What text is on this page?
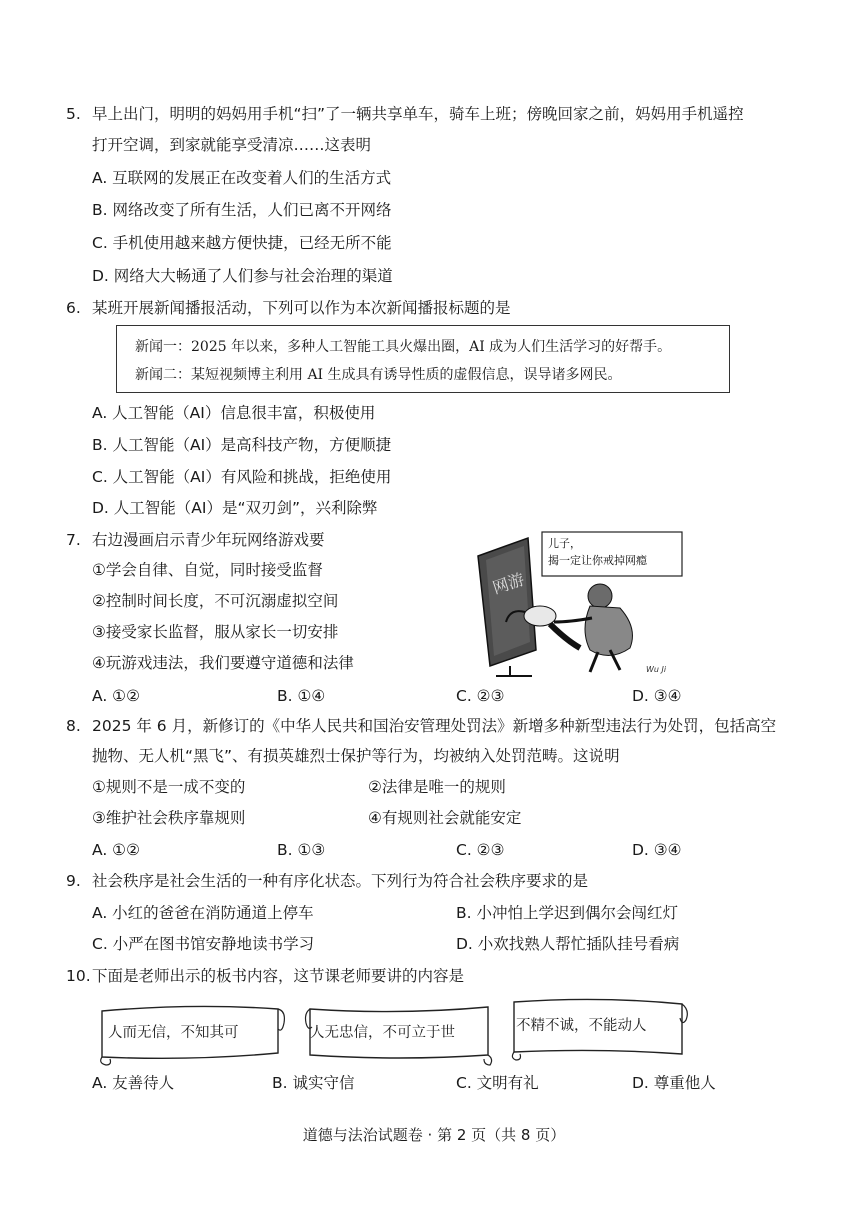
5. 早上出门，明明的妈妈用手机“扫”了一辆共享单车，骑车上班；傍晚回家之前，妈妈用手机遥控
打开空调，到家就能享受清凉……这表明
A. 互联网的发展正在改变着人们的生活方式
B. 网络改变了所有生活，人们已离不开网络
C. 手机使用越来越方便快捷，已经无所不能
D. 网络大大畅通了人们参与社会治理的渠道
6. 某班开展新闻播报活动，下列可以作为本次新闻播报标题的是
新闻一：2025 年以来，多种人工智能工具火爆出圈，AI 成为人们生活学习的好帮手。
新闻二：某短视频博主利用 AI 生成具有诱导性质的虚假信息，误导诸多网民。
A. 人工智能（AI）信息很丰富，积极使用
B. 人工智能（AI）是高科技产物，方便顺捷
C. 人工智能（AI）有风险和挑战，拒绝使用
D. 人工智能（AI）是“双刃剑”，兴利除弊
7. 右边漫画启示青少年玩网络游戏要
①学会自律、自觉，同时接受监督
②控制时间长度，不可沉溺虚拟空间
③接受家长监督，服从家长一切安排
④玩游戏违法，我们要遵守道德和法律
儿子，
揭一定让你戒掉网瘾
网游
Wu Ji
A. ①②	B. ①④	C. ②③	D. ③④
8. 2025 年 6 月，新修订的《中华人民共和国治安管理处罚法》新增多种新型违法行为处罚，包括高空
抛物、无人机“黑飞”、有损英雄烈士保护等行为，均被纳入处罚范畴。这说明
①规则不是一成不变的	②法律是唯一的规则
③维护社会秩序靠规则	④有规则社会就能安定
A. ①②	B. ①③	C. ②③	D. ③④
9. 社会秩序是社会生活的一种有序化状态。下列行为符合社会秩序要求的是
A. 小红的爸爸在消防通道上停车	B. 小冲怕上学迟到偶尔会闯红灯
C. 小严在图书馆安静地读书学习	D. 小欢找熟人帮忙插队挂号看病
10. 下面是老师出示的板书内容，这节课老师要讲的内容是
人而无信，不知其可	人无忠信，不可立于世	不精不诚，不能动人
A. 友善待人	B. 诚实守信	C. 文明有礼	D. 尊重他人
道德与法治试题卷 · 第 2 页（共 8 页）
